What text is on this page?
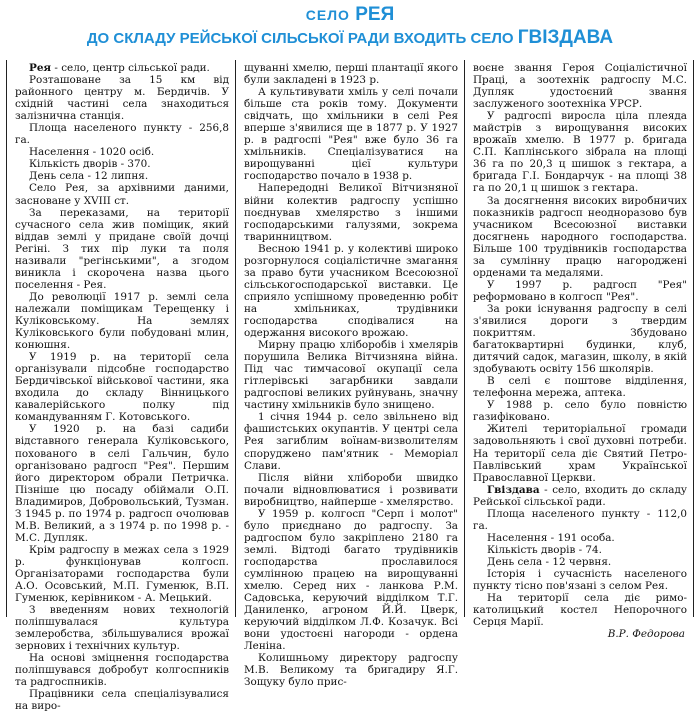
СЕЛО РЕЯ
ДО СКЛАДУ РЕЙСЬКОЇ СІЛЬСЬКОЇ РАДИ ВХОДИТЬ СЕЛО ГВІЗДАВА

Рея - село, центр сільської ради.

Розташоване за 15 км від районного центру м. Бердичів. У східній частині села знаходиться залізнична станція.

Площа населеного пункту - 256,8 га.

Населення - 1020 осіб.

Кількість дворів - 370.

День села - 12 липня.

Село Рея, за архівними даними, засноване у XVIII ст.

За переказами, на території сучасного села жив поміщик, який віддав землі у придане своїй дочці Регіні. З тих пір луки та поля називали "регінськими", а згодом виникла і скорочена назва цього поселення - Рея.

До революції 1917 р. землі села належали поміщикам Терещенку і Куліковському. На землях Куліковського були побудовані млин, конюшня.

У 1919 р. на території села організували підсобне господарство Бердичівської військової частини, яка входила до складу Вінницького кавалерійського полку під командуванням Г. Котовського.

У 1920 р. на базі садиби відставного генерала Куліковського, похованого в селі Гальчин, було організовано радгосп "Рея". Першим його директором обрали Петричка. Пізніше цю посаду обіймали О.П. Владимиров, Добровольський, Тузман. З 1945 р. по 1974 р. радгосп очолював М.В. Великий, а з 1974 р. по 1998 р. - М.С. Дупляк.

Крім радгоспу в межах села з 1929 р. функціонував колгосп. Організаторами господарства були А.О. Осовський, М.П. Гуменюк, В.П. Гуменюк, керівником - А. Мецький.

З введенням нових технологій поліпшувалася культура землеробства, збільшувалися врожаї зернових і технічних культур.

На основі зміцнення господарства поліпшувався добробут колгоспників та радгоспників.

Працівники села спеціалізувалися на виро-

щуванні хмелю, перші плантації якого були закладені в 1923 р.

А культивувати хміль у селі почали більше ста років тому. Документи свідчать, що хмільники в селі Рея вперше з'явилися ще в 1877 р. У 1927 р. в радгоспі "Рея" вже було 36 га хмільників. Спеціалізуватися на вирощуванні цієї культури господарство почало в 1938 р.

Напередодні Великої Вітчизняної війни колектив радгоспу успішно поєднував хмелярство з іншими господарськими галузями, зокрема тваринництвом.

Весною 1941 р. у колективі широко розгорнулося соціалістичне змагання за право бути учасником Всесоюзної сільськогосподарської виставки. Це сприяло успішному проведенню робіт на хмільниках, трудівники господарства сподівалися на одержання високого врожаю.

Мирну працю хліборобів і хмелярів порушила Велика Вітчизняна війна. Під час тимчасової окупації села гітлерівські загарбники завдали радгоспові великих руйнувань, значну частину хмільників було знищено.

1 січня 1944 р. село звільнено від фашистських окупантів. У центрі села Рея загиблим воїнам-визволителям споруджено пам'ятник - Меморіал Слави.

Після війни хлібороби швидко почали відновлюватися і розвивати виробництво, найперше - хмелярство.

У 1959 р. колгосп "Серп і молот" було приєднано до радгоспу. За радгоспом було закріплено 2180 га землі. Відтоді багато трудівників господарства прославилося сумлінною працею на вирощуванні хмелю. Серед них - ланкова Р.М. Садовська, керуючий відділком Т.Г. Даниленко, агроном Й.Й. Цверк, керуючий відділком Л.Ф. Козачук. Всі вони удостоєні нагороди - ордена Леніна.

Колишньому директору радгоспу М.В. Великому та бригадиру Я.Г. Зощуку було прис-

воєне звання Героя Соціалістичної Праці, а зоотехнік радгоспу М.С. Дупляк удостоєний звання заслуженого зоотехніка УРСР.

У радгоспі виросла ціла плеяда майстрів з вирощування високих врожаїв хмелю. В 1977 р. бригада С.П. Каплінського зібрала на площі 36 га по 20,3 ц шишок з гектара, а бригада Г.І. Бондарчук - на площі 38 га по 20,1 ц шишок з гектара.

За досягнення високих виробничих показників радгосп неодноразово був учасником Всесоюзної виставки досягнень народного господарства. Більше 100 трудівників господарства за сумлінну працю нагороджені орденами та медалями.

У 1997 р. радгосп "Рея" реформовано в колгосп "Рея".

За роки існування радгоспу в селі з'явилися дороги з твердим покриттям. Збудовано багатоквартирні будинки, клуб, дитячий садок, магазин, школу, в якій здобувають освіту 156 школярів.

В селі є поштове відділення, телефонна мережа, аптека.

У 1988 р. село було повністю газифіковано.

Жителі територіальної громади задовольняють і свої духовні потреби. На території села діє Святий Петро-Павлівський храм Української Православної Церкви.

Гвіздава - село, входить до складу Рейської сільської ради.

Площа населеного пункту - 112,0 га.

Населення - 191 особа.

Кількість дворів - 74.

День села - 12 червня.

Історія і сучасність населеного пункту тісно пов'язані з селом Рея.

На території села діє римо-католицький костел Непорочного Серця Марії.

В.Р. Федорова
